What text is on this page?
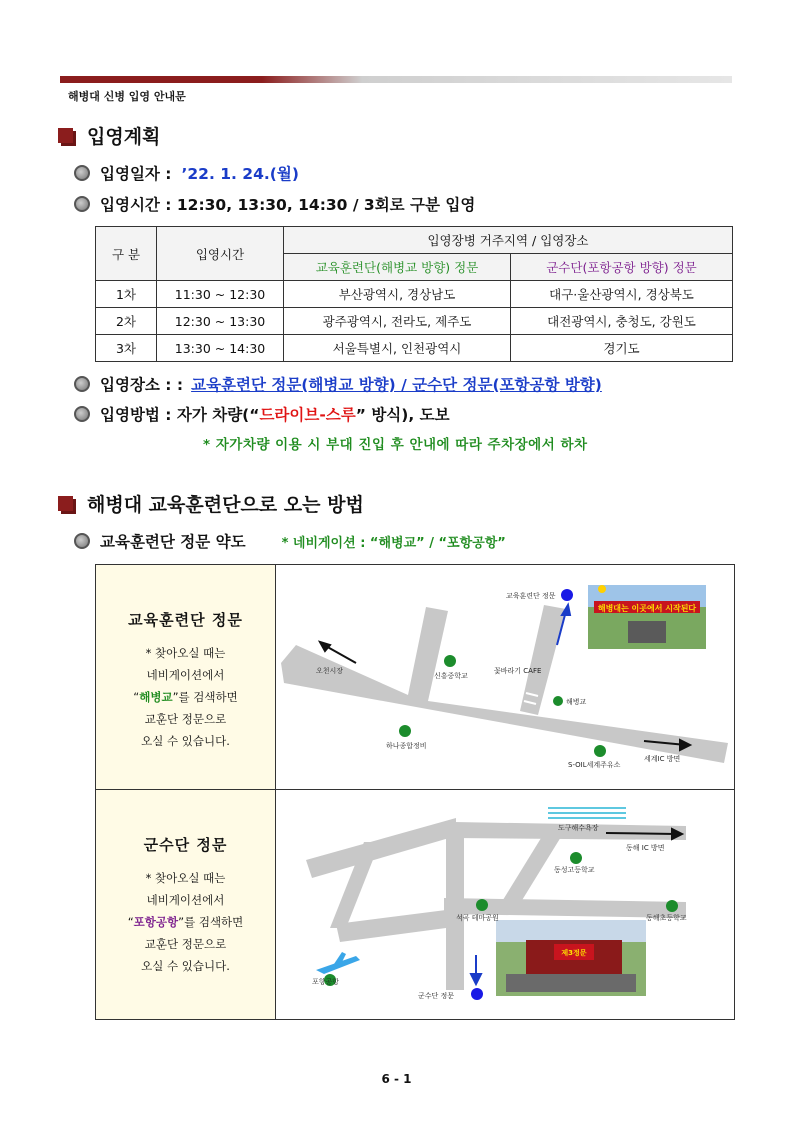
해병대 신병 입영 안내문
입영계획
입영일자 : ’22. 1. 24.(월)
입영시간 : 12:30, 13:30, 14:30 / 3회로 구분 입영
구 분	입영시간	입영장병 거주지역 / 입영장소	
		교육훈련단(해병교 방향) 정문	군수단(포항공항 방향) 정문
1차	11:30 ~ 12:30	부산광역시, 경상남도	대구·울산광역시, 경상북도
2차	12:30 ~ 13:30	광주광역시, 전라도, 제주도	대전광역시, 충청도, 강원도
3차	13:30 ~ 14:30	서울특별시, 인천광역시	경기도
입영장소 : : 교육훈련단 정문(해병교 방향) / 군수단 정문(포항공항 방향)
입영방법 : 자가 차량(“ 드라이브-스루 ” 방식), 도보
* 자가차량 이용 시 부대 진입 후 안내에 따라 주차장에서 하차
해병대 교육훈련단으로 오는 방법
교육훈련단 정문 약도	* 네비게이션 : “해병교” / “포항공항”
교육훈련단 정문
* 찾아오실 때는
네비게이션에서
“해병교”를 검색하면
교훈단 정문으로
오실 수 있습니다.
군수단 정문
* 찾아오실 때는
네비게이션에서
“포항공항”를 검색하면
교훈단 정문으로
오실 수 있습니다.
해병대는 이곳에서 시작된다
교육훈련단 정문
오천시장
신흥중학교
꽃바라기 CAFE
해병교
하나종합정비
S-OIL세계주유소
세계IC 방면
제3정문
도구해수욕장
동해 IC 방면
동성고등학교
석곡 테마공원	동해초등학교
군수단 정문
포항공항
6 - 1
